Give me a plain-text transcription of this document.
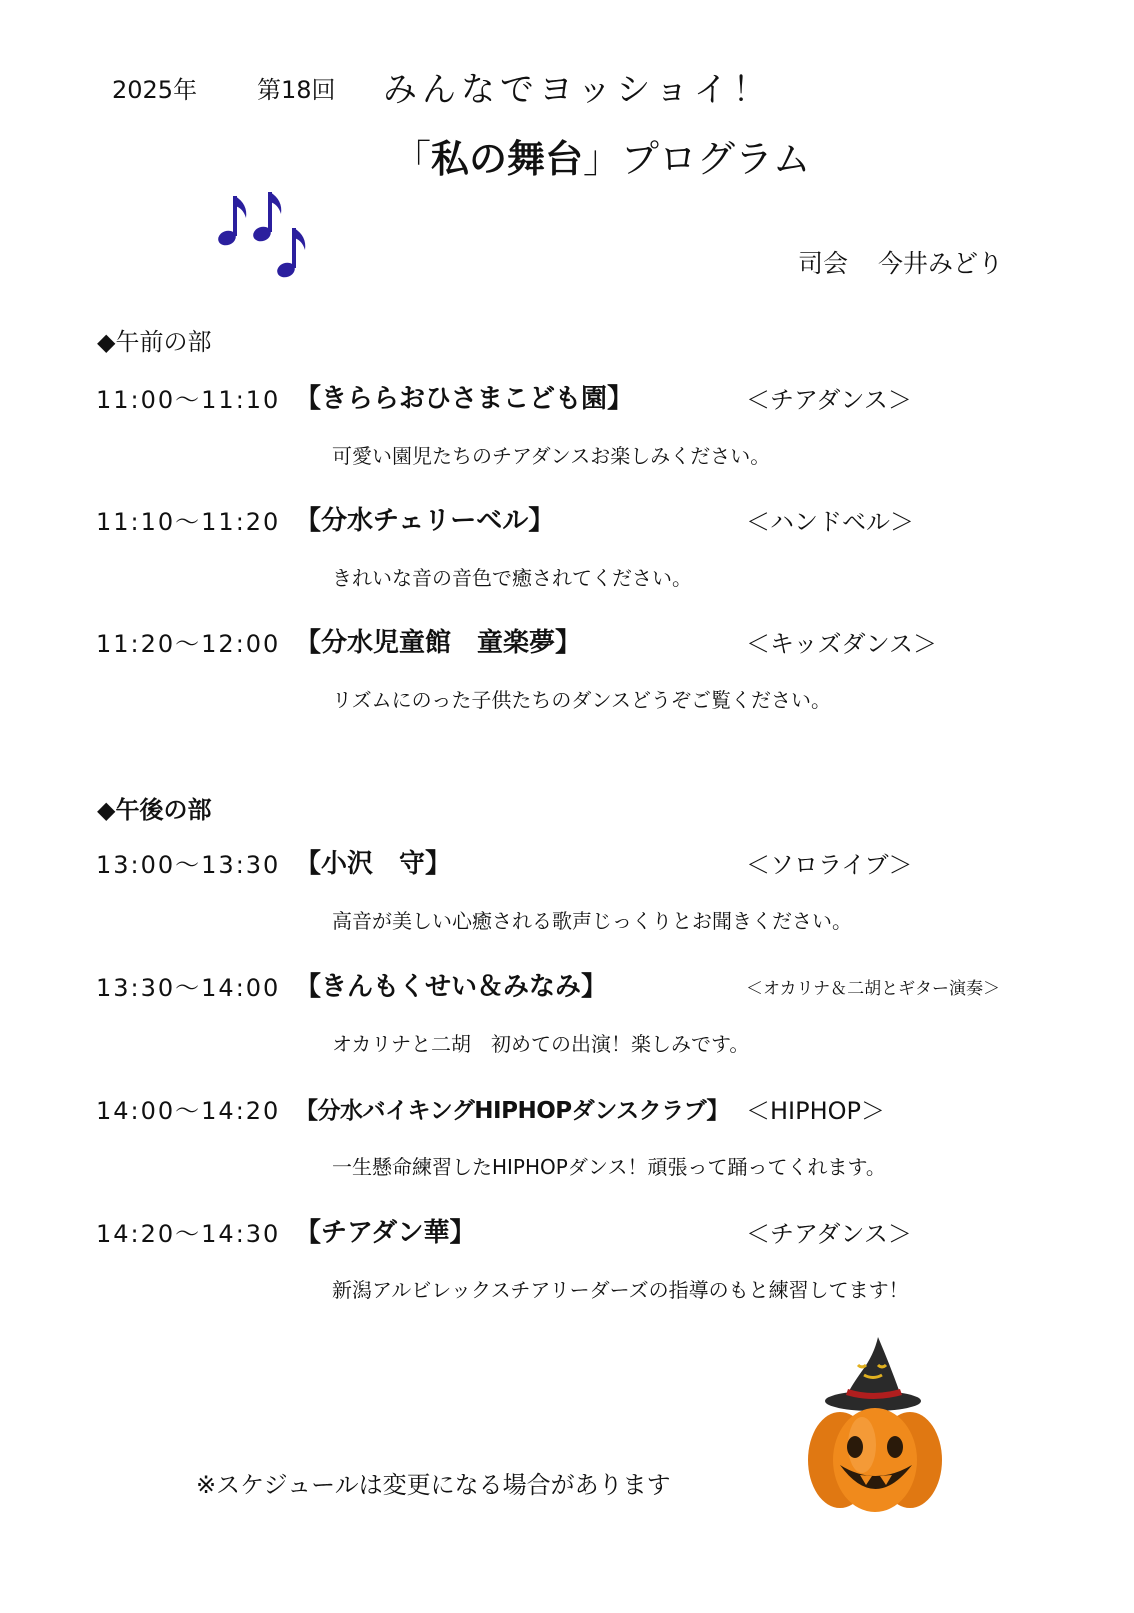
2025年 第18回 みんなでヨッショイ！
「私の舞台」プログラム
司会 今井みどり
◆午前の部
11:00～11:10 【きららおひさまこども園】	＜チアダンス＞
可愛い園児たちのチアダンスお楽しみください。
11:10～11:20 【分水チェリーベル】	＜ハンドベル＞
きれいな音の音色で癒されてください。
11:20～12:00 【分水児童館　童楽夢】	＜キッズダンス＞
リズムにのった子供たちのダンスどうぞご覧ください。
◆午後の部
13:00～13:30 【小沢　守】	＜ソロライブ＞
高音が美しい心癒される歌声じっくりとお聞きください。
13:30～14:00 【きんもくせい＆みなみ】	＜オカリナ＆二胡とギター演奏＞
オカリナと二胡　初めての出演！楽しみです。
14:00～14:20 【分水バイキングHIPHOPダンスクラブ】 ＜HIPHOP＞
一生懸命練習したHIPHOPダンス！頑張って踊ってくれます。
14:20～14:30 【チアダン華】	＜チアダンス＞
新潟アルビレックスチアリーダーズの指導のもと練習してます！
※スケジュールは変更になる場合があります
